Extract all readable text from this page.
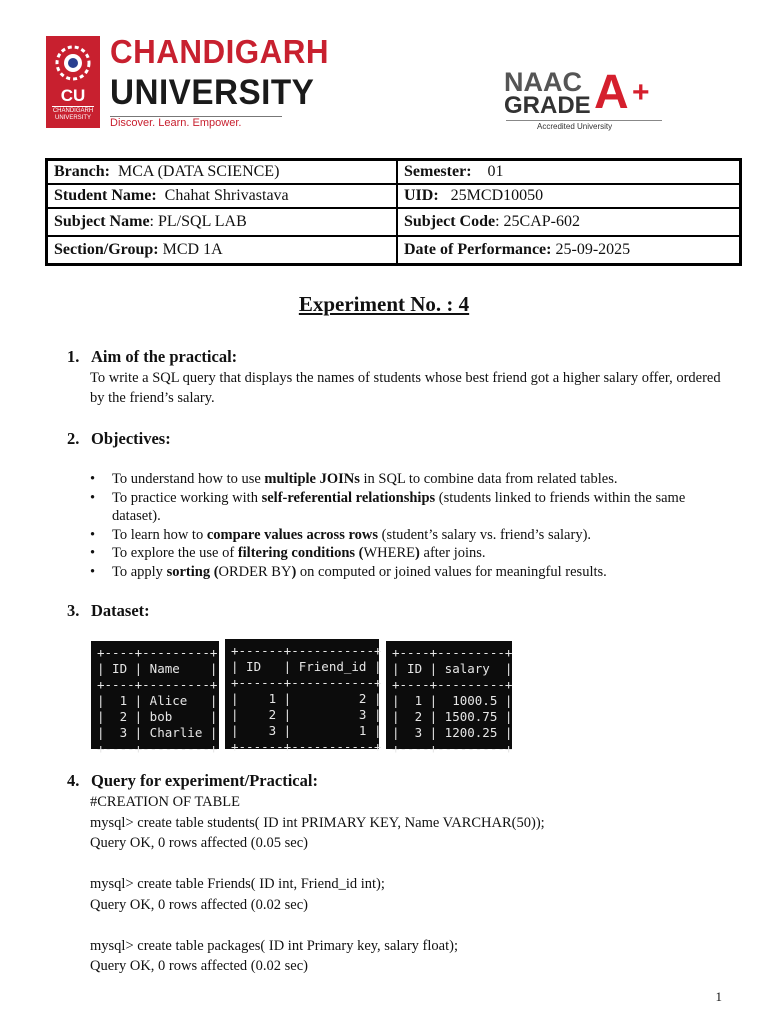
CU
CHANDIGARH UNIVERSITY
CHANDIGARH
UNIVERSITY
Discover. Learn. Empower.
NAAC
GRADE A +
Accredited University
Branch: MCA (DATA SCIENCE)	Semester: 01
Student Name: Chahat Shrivastava	UID: 25MCD10050
Subject Name: PL/SQL LAB	Subject Code: 25CAP-602
Section/Group: MCD 1A	Date of Performance: 25-09-2025
Experiment No. : 4
1. Aim of the practical:
To write a SQL query that displays the names of students whose best friend got a higher salary offer, ordered by the friend’s salary.
2. Objectives:
• To understand how to use multiple JOINs in SQL to combine data from related tables.
• To practice working with self-referential relationships (students linked to friends within the same dataset).
• To learn how to compare values across rows (student’s salary vs. friend’s salary).
• To explore the use of filtering conditions (WHERE) after joins.
• To apply sorting (ORDER BY) on computed or joined values for meaningful results.
3. Dataset:
+----+---------+
| ID | Name    |
+----+---------+
|  1 | Alice   |
|  2 | bob     |
|  3 | Charlie |
+----+---------+
+------+-----------+
| ID   | Friend_id |
+------+-----------+
|    1 |         2 |
|    2 |         3 |
|    3 |         1 |
+------+-----------+
+----+---------+
| ID | salary  |
+----+---------+
|  1 |  1000.5 |
|  2 | 1500.75 |
|  3 | 1200.25 |
+----+---------+
4. Query for experiment/Practical:
#CREATION OF TABLE
mysql> create table students( ID int PRIMARY KEY, Name VARCHAR(50));
Query OK, 0 rows affected (0.05 sec)

mysql> create table Friends( ID int, Friend_id int);
Query OK, 0 rows affected (0.02 sec)

mysql> create table packages( ID int Primary key, salary float);
Query OK, 0 rows affected (0.02 sec)
1
